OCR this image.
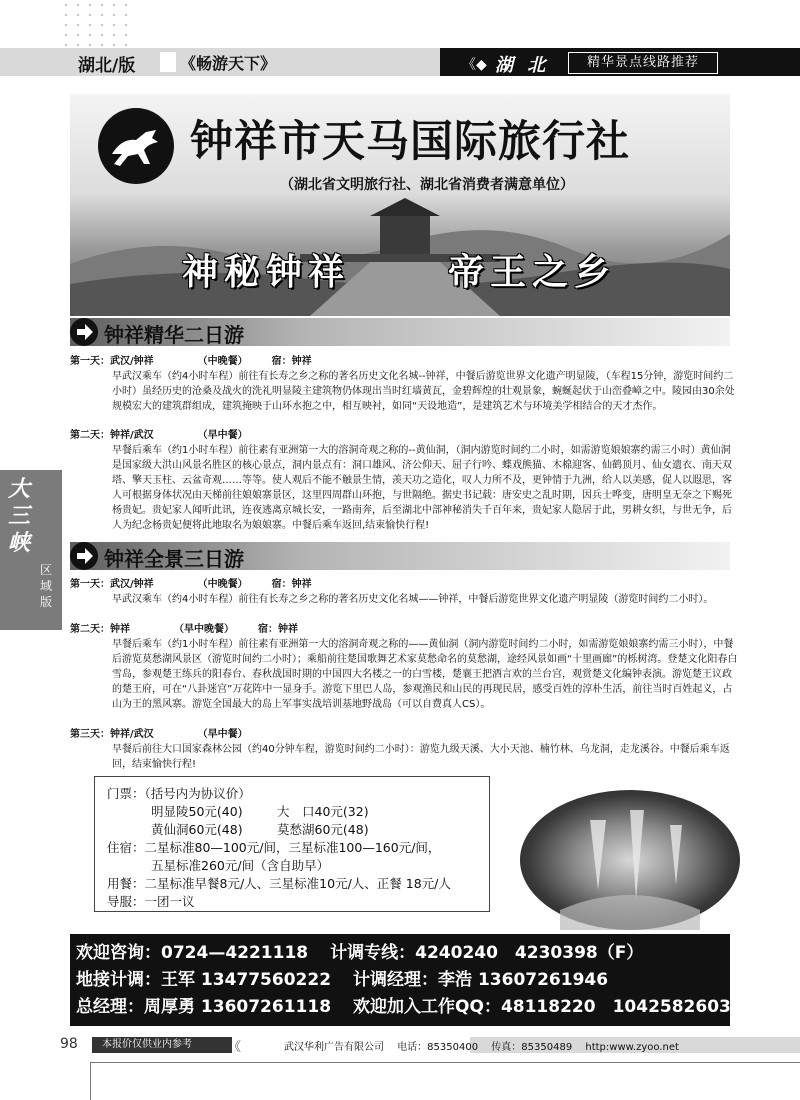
湖北/版	《畅游天下》	《◆ 湖 北	精华景点线路推荐
钟祥市天马国际旅行社
（湖北省文明旅行社、湖北省消费者满意单位）
神秘钟祥	帝王之乡
钟祥精华二日游
第一天：武汉/钟祥	（中晚餐） 宿：钟祥
早武汉乘车（约4小时车程）前往有长寿之乡之称的著名历史文化名城--钟祥，中餐后游览世界文化遗产明显陵，（车程15分钟，游览时间约二小时）虽经历史的沧桑及战火的洗礼明显陵主建筑物仍体现出当时红墙黄瓦，金碧辉煌的壮观景象，蜿蜒起伏于山峦叠嶂之中。陵园由30余处规模宏大的建筑群组成，建筑掩映于山环水抱之中，相互映衬，如同“天设地造”，是建筑艺术与环境美学相结合的天才杰作。
第二天：钟祥/武汉	（早中餐）
早餐后乘车（约1小时车程）前往素有亚洲第一大的溶洞奇观之称的--黄仙洞，（洞内游览时间约二小时，如需游览娘娘寨约需三小时）黄仙洞是国家级大洪山风景名胜区的核心景点，洞内景点有：洞口雄风、济公仰天、屈子行吟、蝶戏熊猫、木棉迎客、仙鹤顶月、仙女遗衣、南天双塔、擎天玉柱、云盆奇观……等等。使人观后不能不触景生情，羡天功之造化，叹人力所不及，更钟情于九洲，给人以美感，促人以遐思，客人可根据身体状况由天梯前往娘娘寨景区，这里四周群山环抱，与世隔绝。据史书记载：唐安史之乱时期，因兵士哗变，唐明皇无奈之下赐死杨贵妃。贵妃家人闻听此讯，连夜逃离京城长安，一路南奔，后至湖北中部神秘消失千百年来，贵妃家人隐居于此，男耕女织，与世无争，后人为纪念杨贵妃便将此地取名为娘娘寨。中餐后乘车返回,结束愉快行程!
大三峡
区域版
钟祥全景三日游
第一天：武汉/钟祥	（中晚餐） 宿：钟祥
早武汉乘车（约4小时车程）前往有长寿之乡之称的著名历史文化名城——钟祥，中餐后游览世界文化遗产明显陵（游览时间约二小时）。
第二天：钟祥	（早中晚餐） 宿：钟祥
早餐后乘车（约1小时车程）前往素有亚洲第一大的溶洞奇观之称的——黄仙洞（洞内游览时间约二小时，如需游览娘娘寨约需三小时），中餐后游览莫愁湖风景区（游览时间约二小时）；乘船前往楚国歌舞艺术家莫愁命名的莫愁湖，途经风景如画“十里画廊”的栎树湾。登楚文化阳春白雪岛，参观楚王练兵的阳春台、春秋战国时期的中国四大名楼之一的白雪楼，楚襄王把酒言欢的兰台宫，观赏楚文化编钟表演。游览楚王议政的楚王府，可在“八卦迷宫”万花阵中一显身手。游览下里巴人岛，参观渔民和山民的再现民居，感受百姓的淳朴生活，前往当时百姓起义，占山为王的黑风寨。游览全国最大的岛上军事实战培训基地野战岛（可以自费真人CS）。
第三天：钟祥/武汉	（早中餐）
早餐后前往大口国家森林公园（约40分钟车程，游览时间约二小时）：游览九级天溪、大小天池、楠竹林、乌龙洞，走龙溪谷。中餐后乘车返回，结束愉快行程!
门票：（括号内为协议价）
明显陵50元(40)	大　口40元(32)
黄仙洞60元(48)	莫愁湖60元(48)
住宿：二星标准80—100元/间，三星标准100—160元/间，
五星标准260元/间（含自助早）
用餐：二星标准早餐8元/人、三星标准10元/人、正餐 18元/人
导服：一团一议
欢迎咨询：0724—4221118 计调专线：4240240　4230398（F）
地接计调：王军 13477560222 计调经理：李浩 13607261946
总经理：周厚勇 13607261118 欢迎加入工作QQ：48118220　1042582603
98	本报价仅供业内参考	《	武汉华利广告有限公司　 电话：85350400　 传真：85350489　 http:www.zyoo.net
